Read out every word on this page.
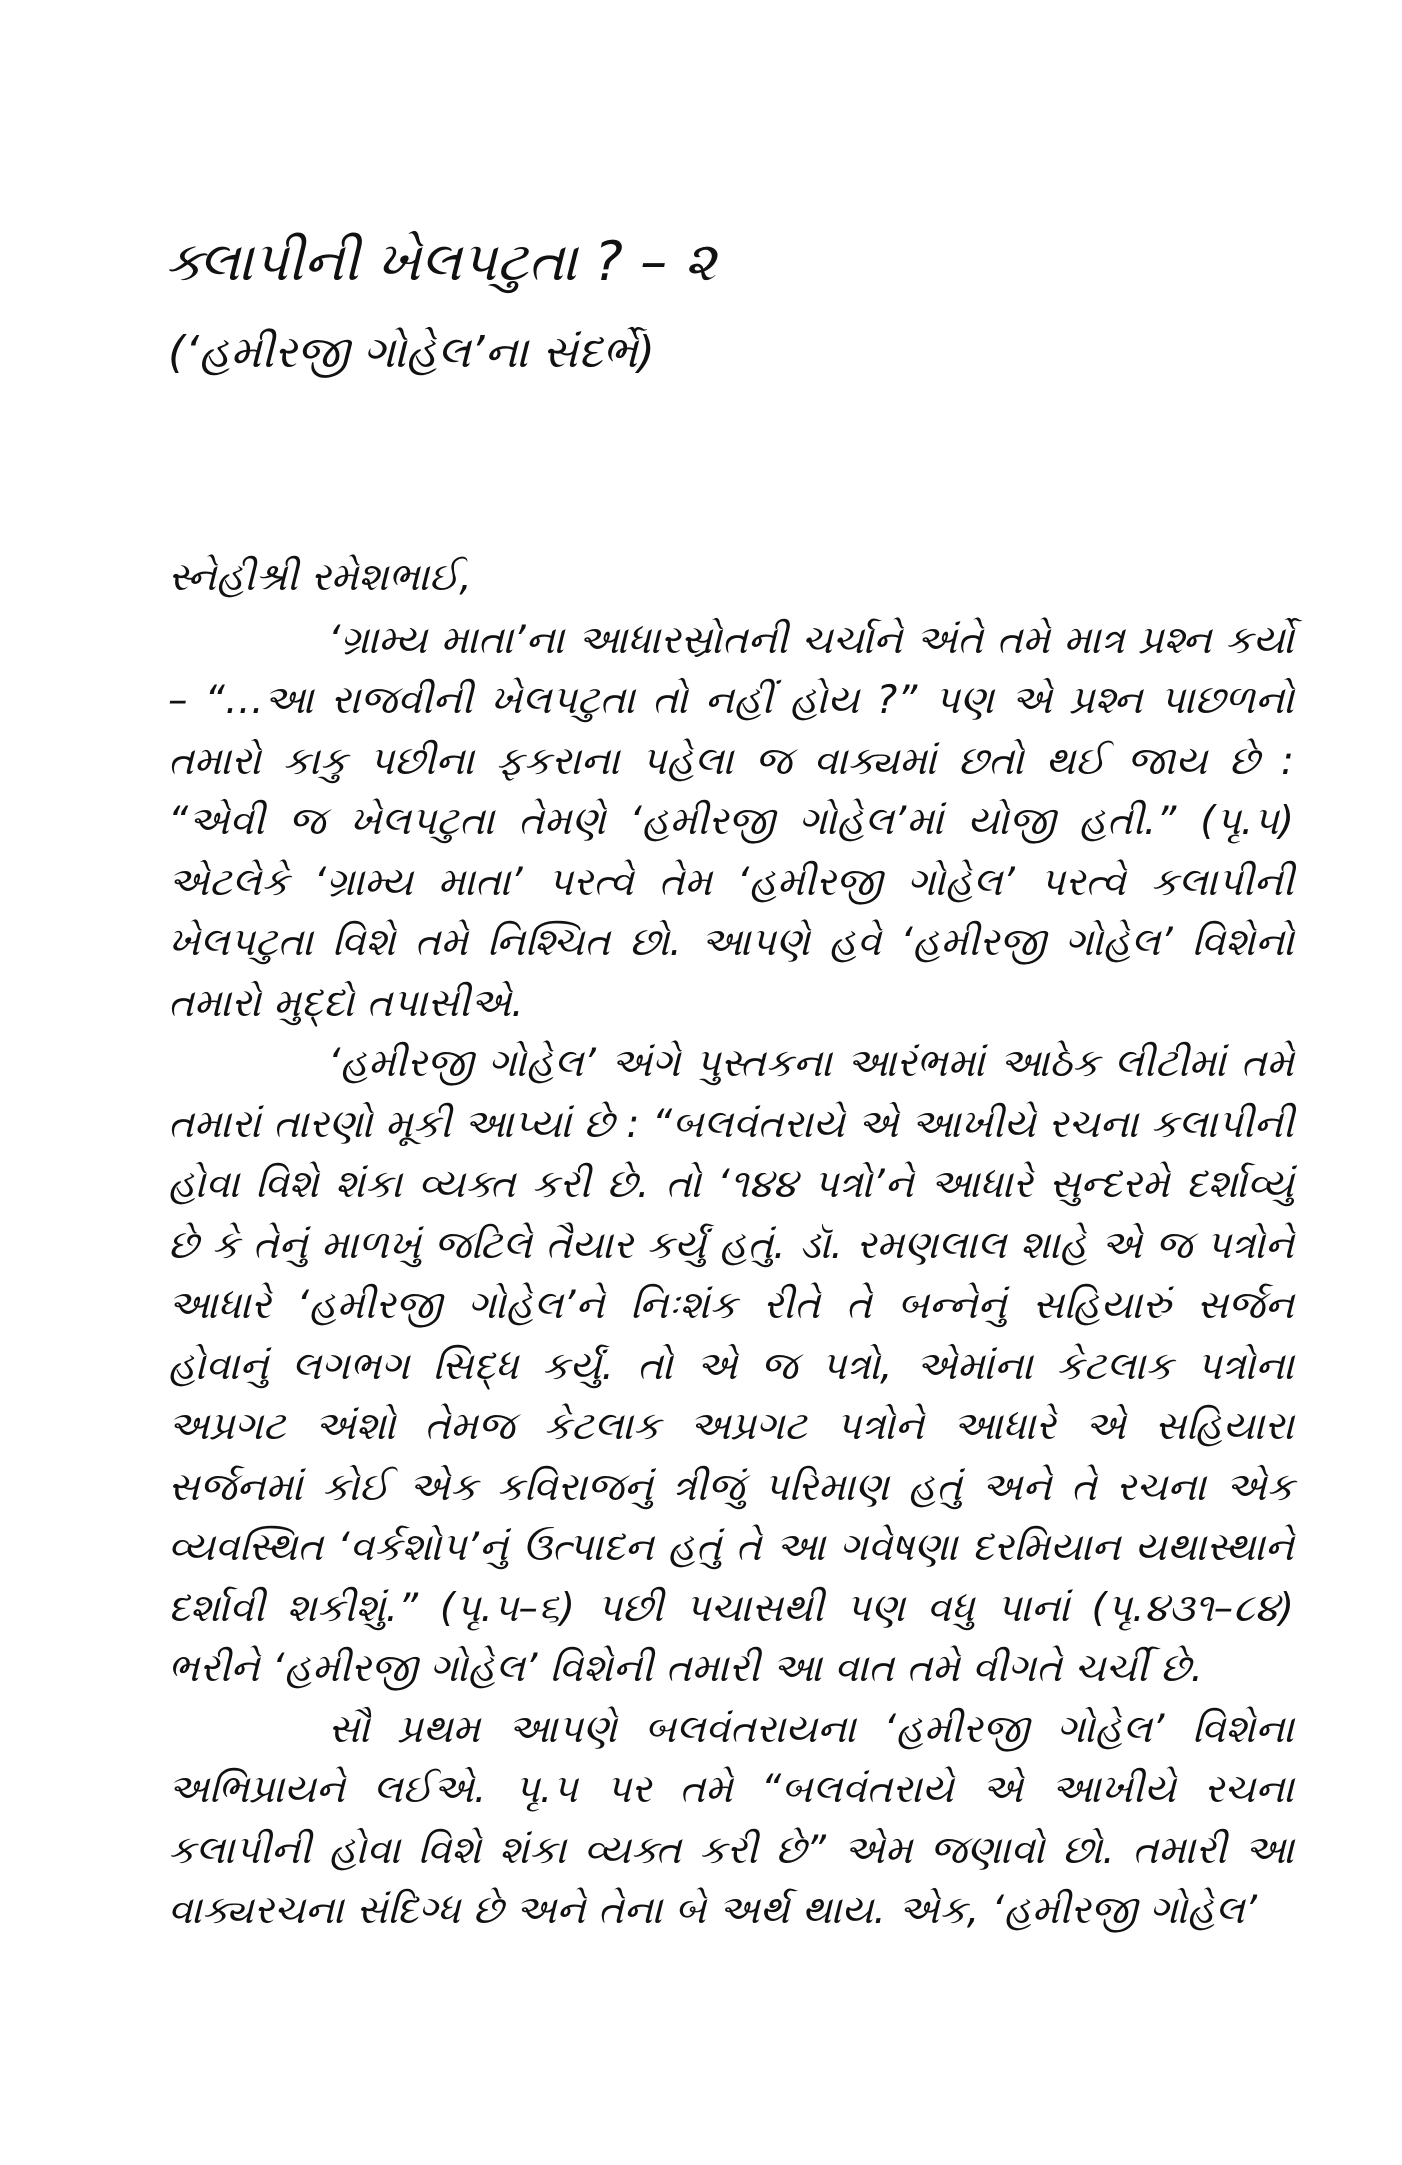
ક્લાપીની ખેલપટુતા ? – ૨
(‘હમીરજી ગોહેલ’ના સંદર્ભે)
સ્નેહીશ્રી રમેશભાઈ,

‘ગ્રામ્ય માતા’ના આધારસ્રોતની ચર્ચાને અંતે તમે માત્ર પ્રશ્ન કર્યો – “…આ રાજવીની ખેલપટુતા તો નહીં હોય ?” પણ એ પ્રશ્ન પાછળનો તમારો કાકુ પછીના ફકરાના પહેલા જ વાક્યમાં છતો થઈ જાય છે : “એવી જ ખેલપટુતા તેમણે ‘હમીરજી ગોહેલ’માં યોજી હતી.” (પૃ.૫) એટલેકે ‘ગ્રામ્ય માતા’ પરત્વે તેમ ‘હમીરજી ગોહેલ’ પરત્વે કલાપીની ખેલપટુતા વિશે તમે નિશ્ચિત છો. આપણે હવે ‘હમીરજી ગોહેલ’ વિશેનો તમારો મુદ્દો તપાસીએ.

‘હમીરજી ગોહેલ’ અંગે પુસ્તકના આરંભમાં આઠેક લીટીમાં તમે તમારાં તારણો મૂકી આપ્યાં છે : “બલવંતરાયે એ આખીયે રચના કલાપીની હોવા વિશે શંકા વ્યક્ત કરી છે. તો ‘૧૪૪ પત્રો’ને આધારે સુન્દરમે દર્શાવ્યું છે કે તેનું માળખું જટિલે તૈયાર કર્યું હતું. ડૉ. રમણલાલ શાહે એ જ પત્રોને આધારે ‘હમીરજી ગોહેલ’ને નિઃશંક રીતે તે બન્નેનું સહિયારું સર્જન હોવાનું લગભગ સિદ્ધ કર્યું. તો એ જ પત્રો, એમાંના કેટલાક પત્રોના અપ્રગટ અંશો તેમજ કેટલાક અપ્રગટ પત્રોને આધારે એ સહિયારા સર્જનમાં કોઈ એક કવિરાજનું ત્રીજું પરિમાણ હતું અને તે રચના એક વ્યવસ્થિત ‘વર્કશોપ’નું ઉત્પાદન હતું તે આ ગવેષણા દરમિયાન યથાસ્થાને દર્શાવી શકીશું.” (પૃ.૫–૬) પછી પચાસથી પણ વધુ પાનાં (પૃ.૪૩૧–૮૪) ભરીને ‘હમીરજી ગોહેલ’ વિશેની તમારી આ વાત તમે વીગતે ચર્ચી છે.

સૌ પ્રથમ આપણે બલવંતરાયના ‘હમીરજી ગોહેલ’ વિશેના અભિપ્રાયને લઈએ. પૃ.૫ પર તમે “બલવંતરાયે એ આખીયે રચના કલાપીની હોવા વિશે શંકા વ્યક્ત કરી છે” એમ જણાવો છો. તમારી આ વાક્યરચના સંદિગ્ધ છે અને તેના બે અર્થ થાય. એક, ‘હમીરજી ગોહેલ’
